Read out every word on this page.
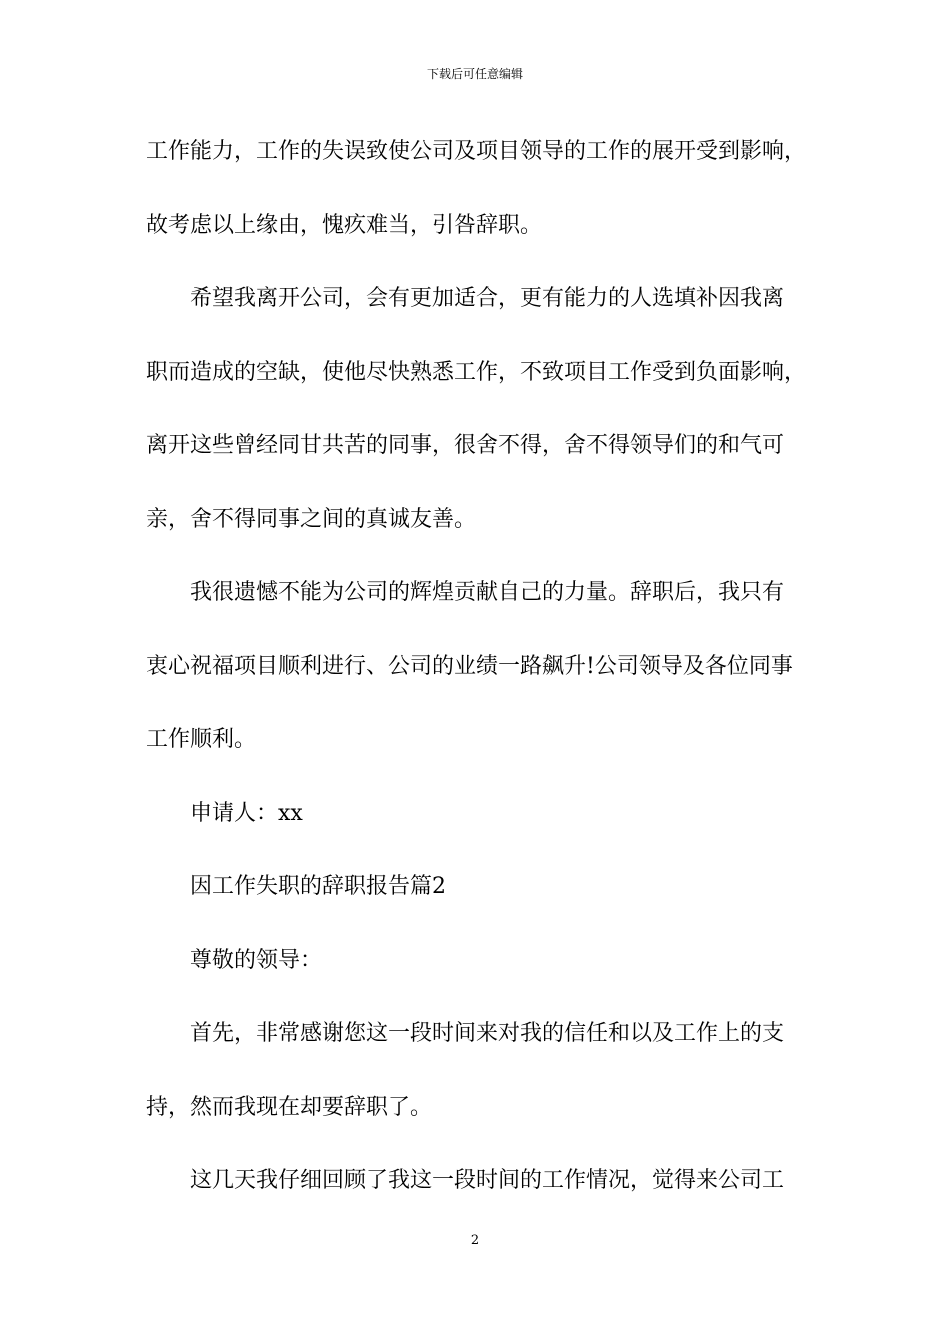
下载后可任意编辑
工作能力，工作的失误致使公司及项目领导的工作的展开受到影响，
故考虑以上缘由，愧疚难当，引咎辞职。
希望我离开公司，会有更加适合，更有能力的人选填补因我离
职而造成的空缺，使他尽快熟悉工作，不致项目工作受到负面影响，
离开这些曾经同甘共苦的同事，很舍不得，舍不得领导们的和气可
亲，舍不得同事之间的真诚友善。
我很遗憾不能为公司的辉煌贡献自己的力量。辞职后，我只有
衷心祝福项目顺利进行、公司的业绩一路飙升!公司领导及各位同事
工作顺利。
申请人：xx
因工作失职的辞职报告篇2
尊敬的领导：
首先，非常感谢您这一段时间来对我的信任和以及工作上的支
持，然而我现在却要辞职了。
这几天我仔细回顾了我这一段时间的工作情况，觉得来公司工
2
